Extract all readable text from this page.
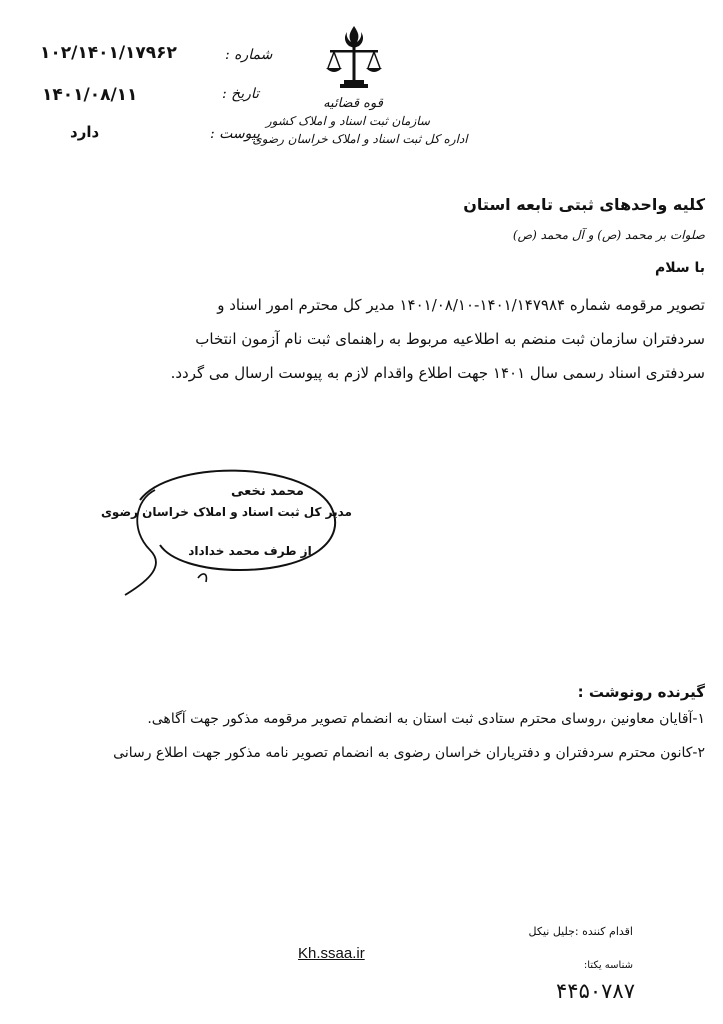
قوه قضائیه
سازمان ثبت اسناد و املاک کشور
اداره کل ثبت اسناد و املاک خراسان رضوی
شماره :
تاریخ :
پیوست :
۱۰۲/۱۴۰۱/۱۷۹۶۲
۱۴۰۱/۰۸/۱۱
دارد
کلیه واحدهای ثبتی تابعه استان
صلوات بر محمد (ص) و آل محمد (ص)
با سلام
تصویر مرقومه شماره ۱۴۰۱/۱۴۷۹۸۴-۱۴۰۱/۰۸/۱۰ مدیر کل محترم امور اسناد و
سردفتران سازمان ثبت منضم به اطلاعیه مربوط به راهنمای ثبت نام آزمون انتخاب
سردفتری اسناد رسمی سال ۱۴۰۱ جهت اطلاع واقدام لازم به پیوست ارسال می گردد.
محمد نخعی
مدیر کل ثبت اسناد و املاک خراسان رضوی
از طرف محمد خداداد
گیرنده رونوشت :
۱-آقایان معاونین ،روسای محترم ستادی ثبت استان به انضمام تصویر مرقومه مذکور جهت آگاهی.
۲-کانون محترم سردفتران و دفتریاران خراسان رضوی به انضمام تصویر نامه مذکور جهت اطلاع رسانی
Kh.ssaa.ir
اقدام کننده :جلیل نیکل
شناسه یکتا:
۴۴۵۰۷۸۷
